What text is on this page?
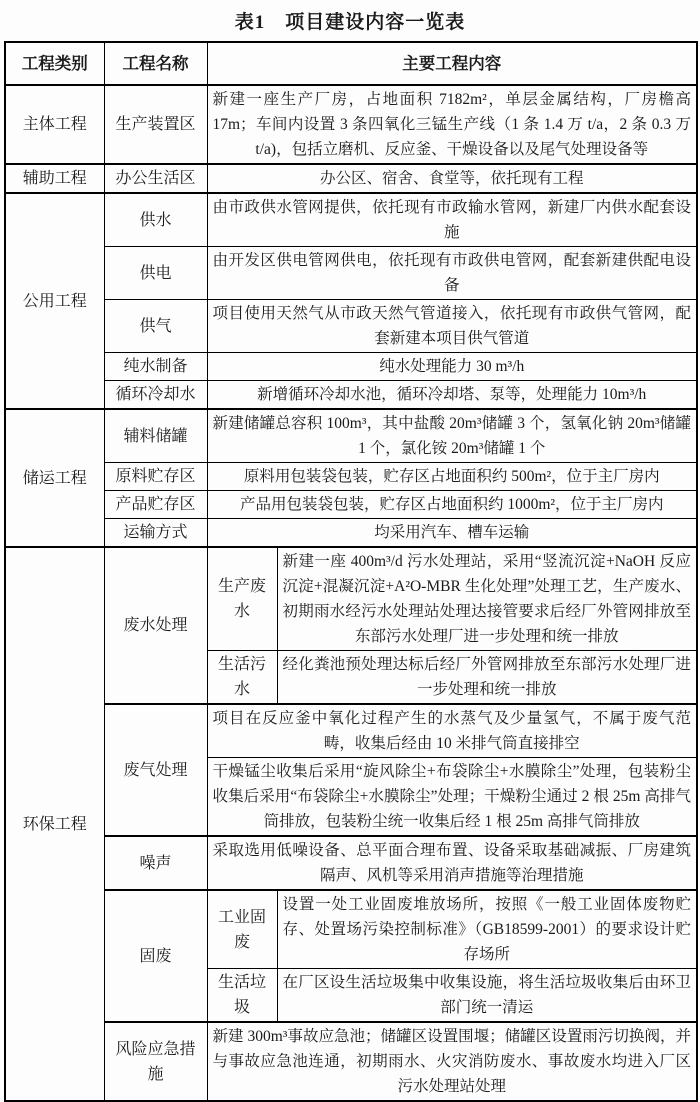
表1　项目建设内容一览表
工程类别	工程名称	主要工程内容	
主体工程	生产装置区	新建一座生产厂房，占地面积 7182m²，单层金属结构，厂房檐高 17m；车间内设置 3 条四氧化三锰生产线（1 条 1.4 万 t/a，2 条 0.3 万 t/a)，包括立磨机、反应釜、干燥设备以及尾气处理设备等	
辅助工程	办公生活区	办公区、宿舍、食堂等，依托现有工程	
公用工程	供水	由市政供水管网提供，依托现有市政输水管网，新建厂内供水配套设施	
	供电	由开发区供电管网供电，依托现有市政供电管网，配套新建供配电设备	
	供气	项目使用天然气从市政天然气管道接入，依托现有市政供气管网，配套新建本项目供气管道	
	纯水制备	纯水处理能力 30 m³/h	
	循环冷却水	新增循环冷却水池，循环冷却塔、泵等，处理能力 10m³/h	
储运工程	辅料储罐	新建储罐总容积 100m³，其中盐酸 20m³储罐 3 个，氢氧化钠 20m³储罐 1 个，氯化铵 20m³储罐 1 个	
	原料贮存区	原料用包装袋包装，贮存区占地面积约 500m²，位于主厂房内	
	产品贮存区	产品用包装袋包装，贮存区占地面积约 1000m²，位于主厂房内	
	运输方式	均采用汽车、槽车运输	
环保工程	废水处理	生产废水	新建一座 400m³/d 污水处理站，采用“竖流沉淀+NaOH 反应沉淀+混凝沉淀+A²O-MBR 生化处理”处理工艺，生产废水、初期雨水经污水处理站处理达接管要求后经厂外管网排放至东部污水处理厂进一步处理和统一排放
		生活污水	经化粪池预处理达标后经厂外管网排放至东部污水处理厂进一步处理和统一排放
	废气处理	项目在反应釜中氧化过程产生的水蒸气及少量氢气，不属于废气范畴，收集后经由 10 米排气筒直接排空	
		干燥锰尘收集后采用“旋风除尘+布袋除尘+水膜除尘”处理，包装粉尘收集后采用“布袋除尘+水膜除尘”处理；干燥粉尘通过 2 根 25m 高排气筒排放，包装粉尘统一收集后经 1 根 25m 高排气筒排放	
	噪声	采取选用低噪设备、总平面合理布置、设备采取基础减振、厂房建筑隔声、风机等采用消声措施等治理措施	
	固废	工业固废	设置一处工业固废堆放场所，按照《一般工业固体废物贮存、处置场污染控制标准》（GB18599-2001）的要求设计贮存场所
		生活垃圾	在厂区设生活垃圾集中收集设施，将生活垃圾收集后由环卫部门统一清运
	风险应急措施	新建 300m³事故应急池；储罐区设置围堰；储罐区设置雨污切换阀，并与事故应急池连通，初期雨水、火灾消防废水、事故废水均进入厂区污水处理站处理	
